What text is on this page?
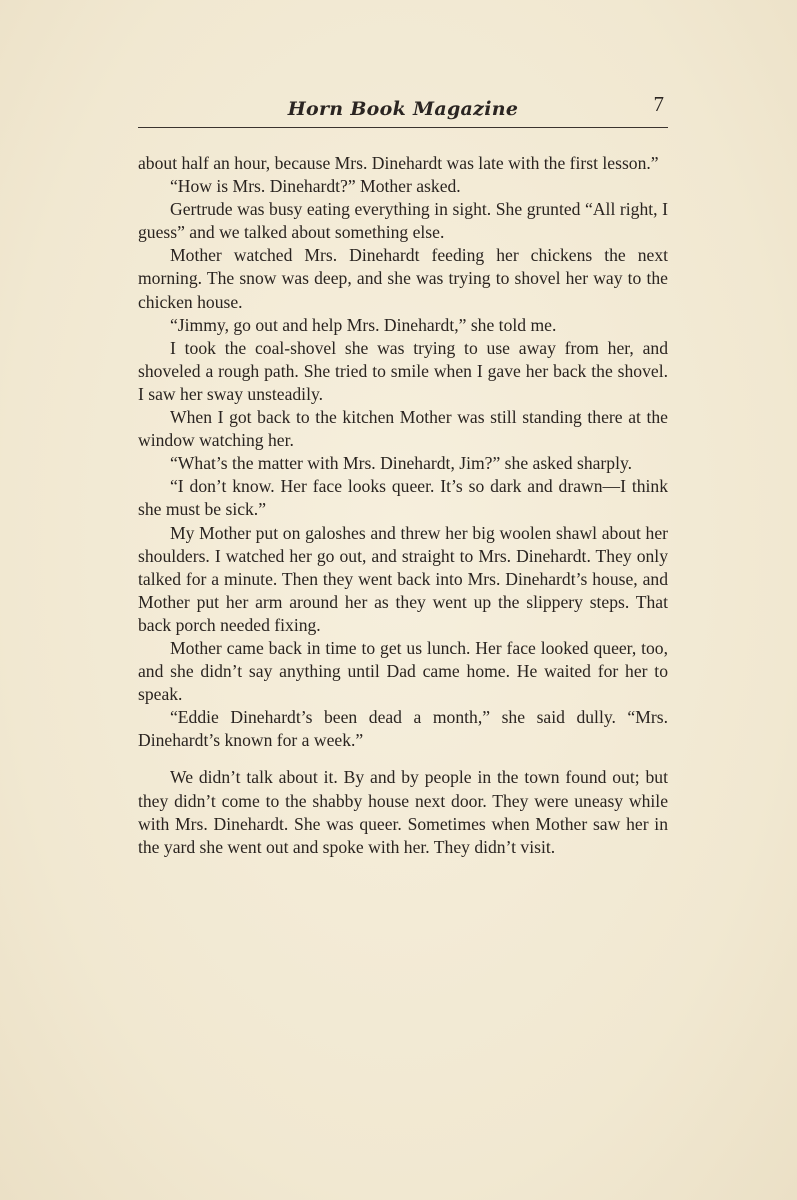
Horn Book Magazine	7

about half an hour, because Mrs. Dinehardt was late with the first lesson.”

“How is Mrs. Dinehardt?” Mother asked.

Gertrude was busy eating everything in sight. She grunted “All right, I guess” and we talked about something else.

Mother watched Mrs. Dinehardt feeding her chickens the next morning. The snow was deep, and she was trying to shovel her way to the chicken house.

“Jimmy, go out and help Mrs. Dinehardt,” she told me.

I took the coal-shovel she was trying to use away from her, and shoveled a rough path. She tried to smile when I gave her back the shovel. I saw her sway unsteadily.

When I got back to the kitchen Mother was still standing there at the window watching her.

“What’s the matter with Mrs. Dinehardt, Jim?” she asked sharply.

“I don’t know. Her face looks queer. It’s so dark and drawn—I think she must be sick.”

My Mother put on galoshes and threw her big woolen shawl about her shoulders. I watched her go out, and straight to Mrs. Dinehardt. They only talked for a minute. Then they went back into Mrs. Dinehardt’s house, and Mother put her arm around her as they went up the slippery steps. That back porch needed fixing.

Mother came back in time to get us lunch. Her face looked queer, too, and she didn’t say anything until Dad came home. He waited for her to speak.

“Eddie Dinehardt’s been dead a month,” she said dully. “Mrs. Dinehardt’s known for a week.”

We didn’t talk about it. By and by people in the town found out; but they didn’t come to the shabby house next door. They were uneasy while with Mrs. Dinehardt. She was queer. Sometimes when Mother saw her in the yard she went out and spoke with her. They didn’t visit.
